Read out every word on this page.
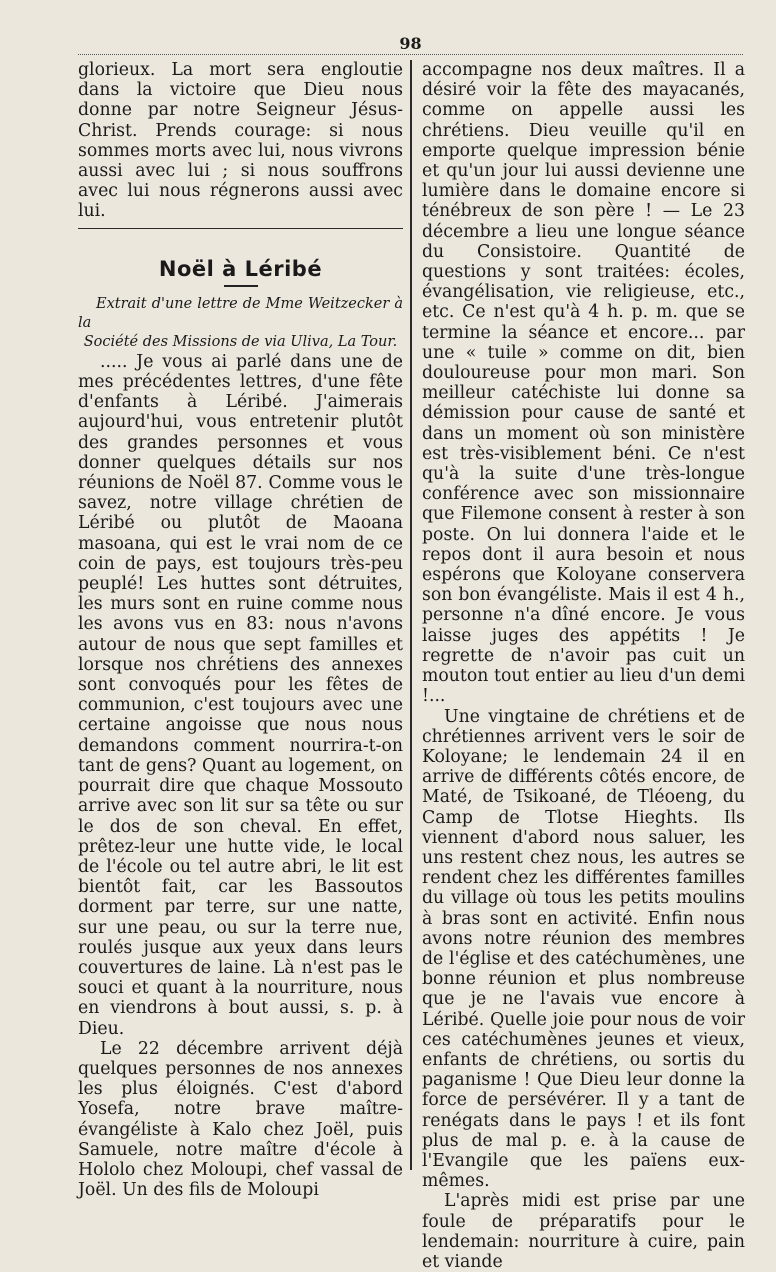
98

glorieux. La mort sera engloutie dans la victoire que Dieu nous donne par notre Seigneur Jésus-Christ. Prends courage: si nous sommes morts avec lui, nous vivrons aussi avec lui ; si nous souffrons avec lui nous régnerons aussi avec lui.

Noël à Léribé

Extrait d'une lettre de Mme Weitzecker à la

Société des Missions de via Uliva, La Tour.

..... Je vous ai parlé dans une de mes précédentes lettres, d'une fête d'enfants à Léribé. J'aimerais aujourd'hui, vous entretenir plutôt des grandes personnes et vous donner quelques détails sur nos réunions de Noël 87. Comme vous le savez, notre village chrétien de Léribé ou plutôt de Maoana masoana, qui est le vrai nom de ce coin de pays, est toujours très-peu peuplé! Les huttes sont détruites, les murs sont en ruine comme nous les avons vus en 83: nous n'avons autour de nous que sept familles et lorsque nos chrétiens des annexes sont convoqués pour les fêtes de communion, c'est toujours avec une certaine angoisse que nous nous demandons comment nourrira-t-on tant de gens? Quant au logement, on pourrait dire que chaque Mossouto arrive avec son lit sur sa tête ou sur le dos de son cheval. En effet, prêtez-leur une hutte vide, le local de l'école ou tel autre abri, le lit est bientôt fait, car les Bassoutos dorment par terre, sur une natte, sur une peau, ou sur la terre nue, roulés jusque aux yeux dans leurs couvertures de laine. Là n'est pas le souci et quant à la nourriture, nous en viendrons à bout aussi, s. p. à Dieu.

Le 22 décembre arrivent déjà quelques personnes de nos annexes les plus éloignés. C'est d'abord Yosefa, notre brave maître-évangéliste à Kalo chez Joël, puis Samuele, notre maître d'école à Hololo chez Moloupi, chef vassal de Joël. Un des fils de Moloupi

accompagne nos deux maîtres. Il a désiré voir la fête des mayacanés, comme on appelle aussi les chrétiens. Dieu veuille qu'il en emporte quelque impression bénie et qu'un jour lui aussi devienne une lumière dans le domaine encore si ténébreux de son père ! — Le 23 décembre a lieu une longue séance du Consistoire. Quantité de questions y sont traitées: écoles, évangélisation, vie religieuse, etc., etc. Ce n'est qu'à 4 h. p. m. que se termine la séance et encore... par une « tuile » comme on dit, bien douloureuse pour mon mari. Son meilleur catéchiste lui donne sa démission pour cause de santé et dans un moment où son ministère est très-visiblement béni. Ce n'est qu'à la suite d'une très-longue conférence avec son missionnaire que Filemone consent à rester à son poste. On lui donnera l'aide et le repos dont il aura besoin et nous espérons que Koloyane conservera son bon évangéliste. Mais il est 4 h., personne n'a dîné encore. Je vous laisse juges des appétits ! Je regrette de n'avoir pas cuit un mouton tout entier au lieu d'un demi !...

Une vingtaine de chrétiens et de chrétiennes arrivent vers le soir de Koloyane; le lendemain 24 il en arrive de différents côtés encore, de Maté, de Tsikoané, de Tléoeng, du Camp de Tlotse Hieghts. Ils viennent d'abord nous saluer, les uns restent chez nous, les autres se rendent chez les différentes familles du village où tous les petits moulins à bras sont en activité. Enfin nous avons notre réunion des membres de l'église et des catéchumènes, une bonne réunion et plus nombreuse que je ne l'avais vue encore à Léribé. Quelle joie pour nous de voir ces catéchumènes jeunes et vieux, enfants de chrétiens, ou sortis du paganisme ! Que Dieu leur donne la force de persévérer. Il y a tant de renégats dans le pays ! et ils font plus de mal p. e. à la cause de l'Evangile que les païens eux-mêmes.

L'après midi est prise par une foule de préparatifs pour le lendemain: nourriture à cuire, pain et viande
